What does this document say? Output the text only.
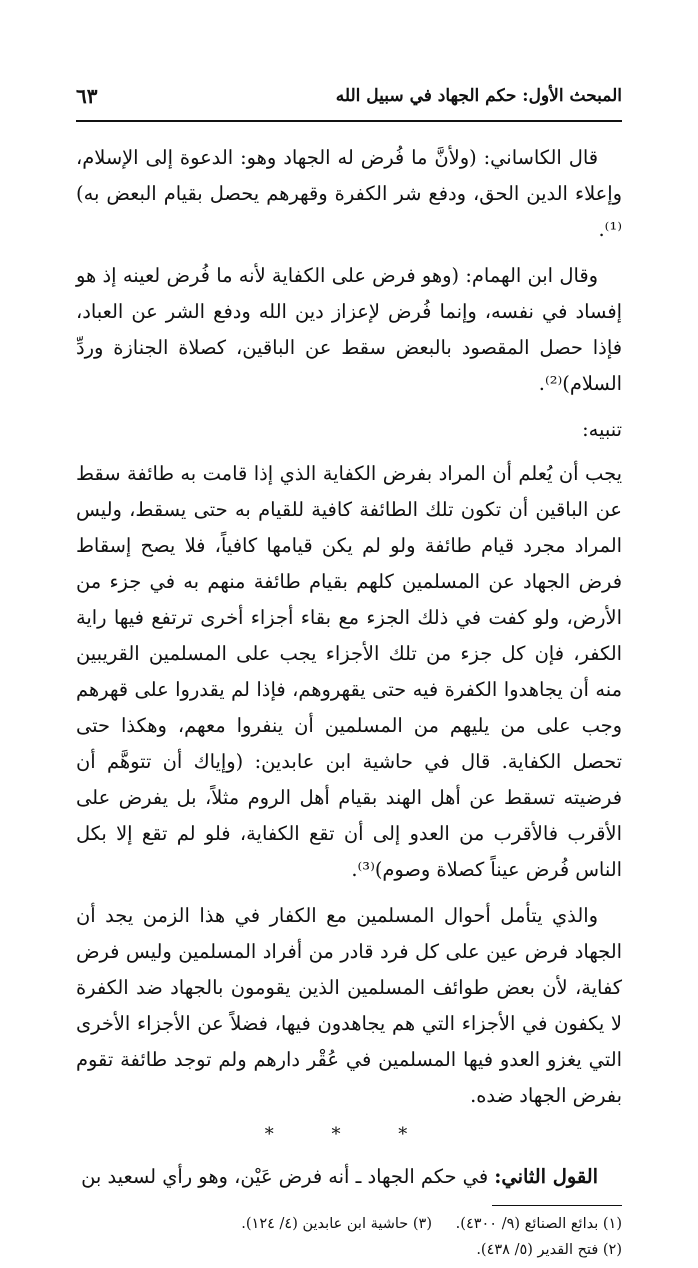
المبحث الأول: حكم الجهاد في سبيل الله
٦٣

قال الكاساني: (ولأنَّ ما فُرض له الجهاد وهو: الدعوة إلى الإسلام، وإعلاء الدين الحق، ودفع شر الكفرة وقهرهم يحصل بقيام البعض به)⁽¹⁾.

وقال ابن الهمام: (وهو فرض على الكفاية لأنه ما فُرض لعينه إذ هو إفساد في نفسه، وإنما فُرض لإعزاز دين الله ودفع الشر عن العباد، فإذا حصل المقصود بالبعض سقط عن الباقين، كصلاة الجنازة وردِّ السلام)⁽²⁾.

تنبيه:

يجب أن يُعلم أن المراد بفرض الكفاية الذي إذا قامت به طائفة سقط عن الباقين أن تكون تلك الطائفة كافية للقيام به حتى يسقط، وليس المراد مجرد قيام طائفة ولو لم يكن قيامها كافياً، فلا يصح إسقاط فرض الجهاد عن المسلمين كلهم بقيام طائفة منهم به في جزء من الأرض، ولو كفت في ذلك الجزء مع بقاء أجزاء أخرى ترتفع فيها راية الكفر، فإن كل جزء من تلك الأجزاء يجب على المسلمين القريبين منه أن يجاهدوا الكفرة فيه حتى يقهروهم، فإذا لم يقدروا على قهرهم وجب على من يليهم من المسلمين أن ينفروا معهم، وهكذا حتى تحصل الكفاية. قال في حاشية ابن عابدين: (وإياك أن تتوهَّم أن فرضيته تسقط عن أهل الهند بقيام أهل الروم مثلاً، بل يفرض على الأقرب فالأقرب من العدو إلى أن تقع الكفاية، فلو لم تقع إلا بكل الناس فُرض عيناً كصلاة وصوم)⁽³⁾.

والذي يتأمل أحوال المسلمين مع الكفار في هذا الزمن يجد أن الجهاد فرض عين على كل فرد قادر من أفراد المسلمين وليس فرض كفاية، لأن بعض طوائف المسلمين الذين يقومون بالجهاد ضد الكفرة لا يكفون في الأجزاء التي هم يجاهدون فيها، فضلاً عن الأجزاء الأخرى التي يغزو العدو فيها المسلمين في عُقْر دارهم ولم توجد طائفة تقوم بفرض الجهاد ضده.

* * *

القول الثاني: في حكم الجهاد ـ أنه فرض عَيْن، وهو رأي لسعيد بن

(١) بدائع الصنائع (٩/ ٤٣٠٠).
(٢) فتح القدير (٥/ ٤٣٨).
(٣) حاشية ابن عابدين (٤/ ١٢٤).
